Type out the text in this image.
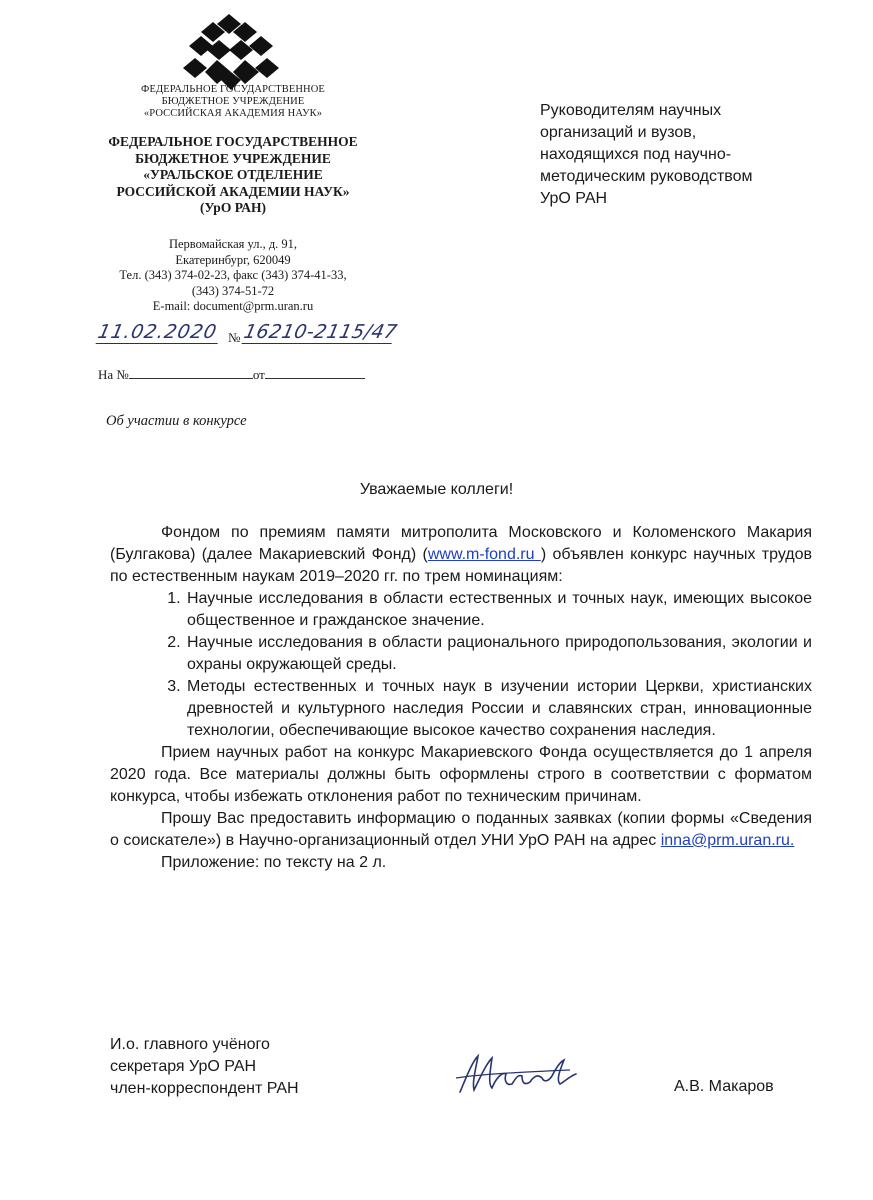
ФЕДЕРАЛЬНОЕ ГОСУДАРСТВЕННОЕ
БЮДЖЕТНОЕ УЧРЕЖДЕНИЕ
«РОССИЙСКАЯ АКАДЕМИЯ НАУК»
ФЕДЕРАЛЬНОЕ ГОСУДАРСТВЕННОЕ
БЮДЖЕТНОЕ УЧРЕЖДЕНИЕ
«УРАЛЬСКОЕ ОТДЕЛЕНИЕ
РОССИЙСКОЙ АКАДЕМИИ НАУК»
(УрО РАН)
Первомайская ул., д. 91,
Екатеринбург, 620049
Тел. (343) 374-02-23, факс (343) 374-41-33,
(343) 374-51-72
E-mail: document@prm.uran.ru
11.02.2020 № 16210-2115/47
На №	от
Об участии в конкурсе
Руководителям научных
организаций и вузов,
находящихся под научно-
методическим руководством
УрО РАН
Уважаемые коллеги!

Фондом по премиям памяти митрополита Московского и Коломенского Макария (Булгакова) (далее Макариевский Фонд) (www.m-fond.ru ) объявлен конкурс научных трудов по естественным наукам 2019–2020 гг. по трем номинациям:

1. Научные исследования в области естественных и точных наук, имеющих высокое общественное и гражданское значение.
2. Научные исследования в области рационального природопользования, экологии и охраны окружающей среды.
3. Методы естественных и точных наук в изучении истории Церкви, христианских древностей и культурного наследия России и славянских стран, инновационные технологии, обеспечивающие высокое качество сохранения наследия.

Прием научных работ на конкурс Макариевского Фонда осуществляется до 1 апреля 2020 года. Все материалы должны быть оформлены строго в соответствии с форматом конкурса, чтобы избежать отклонения работ по техническим причинам.

Прошу Вас предоставить информацию о поданных заявках (копии формы «Сведения о соискателе») в Научно-организационный отдел УНИ УрО РАН на адрес inna@prm.uran.ru.

Приложение: по тексту на 2 л.

И.о. главного учёного
секретаря УрО РАН
член-корреспондент РАН	А.В. Макаров
